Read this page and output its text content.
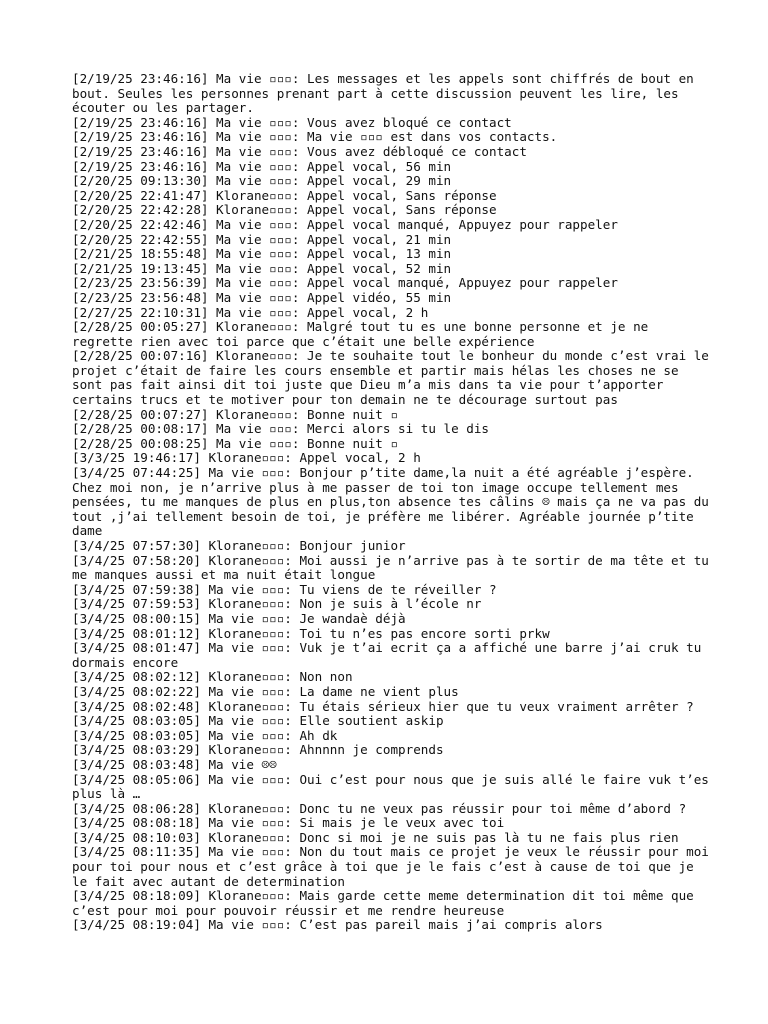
[2/19/25 23:46:16] Ma vie ▫▫▫: Les messages et les appels sont chiffrés de bout en bout. Seules les personnes prenant part à cette discussion peuvent les lire, les écouter ou les partager.

[2/19/25 23:46:16] Ma vie ▫▫▫: Vous avez bloqué ce contact

[2/19/25 23:46:16] Ma vie ▫▫▫: Ma vie ▫▫▫ est dans vos contacts.

[2/19/25 23:46:16] Ma vie ▫▫▫: Vous avez débloqué ce contact

[2/19/25 23:46:16] Ma vie ▫▫▫: Appel vocal, 56 min

[2/20/25 09:13:30] Ma vie ▫▫▫: Appel vocal, 29 min

[2/20/25 22:41:47] Klorane▫▫▫: Appel vocal, Sans réponse

[2/20/25 22:42:28] Klorane▫▫▫: Appel vocal, Sans réponse

[2/20/25 22:42:46] Ma vie ▫▫▫: Appel vocal manqué, Appuyez pour rappeler

[2/20/25 22:42:55] Ma vie ▫▫▫: Appel vocal, 21 min

[2/21/25 18:55:48] Ma vie ▫▫▫: Appel vocal, 13 min

[2/21/25 19:13:45] Ma vie ▫▫▫: Appel vocal, 52 min

[2/23/25 23:56:39] Ma vie ▫▫▫: Appel vocal manqué, Appuyez pour rappeler

[2/23/25 23:56:48] Ma vie ▫▫▫: Appel vidéo, 55 min

[2/27/25 22:10:31] Ma vie ▫▫▫: Appel vocal, 2 h

[2/28/25 00:05:27] Klorane▫▫▫: Malgré tout tu es une bonne personne et je ne regrette rien avec toi parce que c’était une belle expérience

[2/28/25 00:07:16] Klorane▫▫▫: Je te souhaite tout le bonheur du monde c’est vrai le projet c’était de faire les cours ensemble et partir mais hélas les choses ne se sont pas fait ainsi dit toi juste que Dieu m’a mis dans ta vie pour t’apporter certains trucs et te motiver pour ton demain ne te décourage surtout pas

[2/28/25 00:07:27] Klorane▫▫▫: Bonne nuit ▫

[2/28/25 00:08:17] Ma vie ▫▫▫: Merci alors si tu le dis

[2/28/25 00:08:25] Ma vie ▫▫▫: Bonne nuit ▫

[3/3/25 19:46:17] Klorane▫▫▫: Appel vocal, 2 h

[3/4/25 07:44:25] Ma vie ▫▫▫: Bonjour p’tite dame,la nuit a été agréable j’espère. Chez moi non, je n’arrive plus à me passer de toi ton image occupe tellement mes pensées, tu me manques de plus en plus,ton absence tes câlins ☹ mais ça ne va pas du tout ,j’ai tellement besoin de toi, je préfère me libérer. Agréable journée p’tite dame

[3/4/25 07:57:30] Klorane▫▫▫: Bonjour junior

[3/4/25 07:58:20] Klorane▫▫▫: Moi aussi je n’arrive pas à te sortir de ma tête et tu me manques aussi et ma nuit était longue

[3/4/25 07:59:38] Ma vie ▫▫▫: Tu viens de te réveiller ?

[3/4/25 07:59:53] Klorane▫▫▫: Non je suis à l’école nr

[3/4/25 08:00:15] Ma vie ▫▫▫: Je wandaè déjà

[3/4/25 08:01:12] Klorane▫▫▫: Toi tu n’es pas encore sorti prkw

[3/4/25 08:01:47] Ma vie ▫▫▫: Vuk je t’ai ecrit ça a affiché une barre j’ai cruk tu dormais encore

[3/4/25 08:02:12] Klorane▫▫▫: Non non

[3/4/25 08:02:22] Ma vie ▫▫▫: La dame ne vient plus

[3/4/25 08:02:48] Klorane▫▫▫: Tu étais sérieux hier que tu veux vraiment arrêter ?

[3/4/25 08:03:05] Ma vie ▫▫▫: Elle soutient askip

[3/4/25 08:03:05] Ma vie ▫▫▫: Ah dk

[3/4/25 08:03:29] Klorane▫▫▫: Ahnnnn je comprends

[3/4/25 08:03:48] Ma vie ☹☹

[3/4/25 08:05:06] Ma vie ▫▫▫: Oui c’est pour nous que je suis allé le faire vuk t’es plus là …

[3/4/25 08:06:28] Klorane▫▫▫: Donc tu ne veux pas réussir pour toi même d’abord ?

[3/4/25 08:08:18] Ma vie ▫▫▫: Si mais je le veux avec toi

[3/4/25 08:10:03] Klorane▫▫▫: Donc si moi je ne suis pas là tu ne fais plus rien

[3/4/25 08:11:35] Ma vie ▫▫▫: Non du tout mais ce projet je veux le réussir pour moi pour toi pour nous et c’est grâce à toi que je le fais c’est à cause de toi que je le fait avec autant de determination

[3/4/25 08:18:09] Klorane▫▫▫: Mais garde cette meme determination dit toi même que c’est pour moi pour pouvoir réussir et me rendre heureuse

[3/4/25 08:19:04] Ma vie ▫▫▫: C’est pas pareil mais j’ai compris alors
